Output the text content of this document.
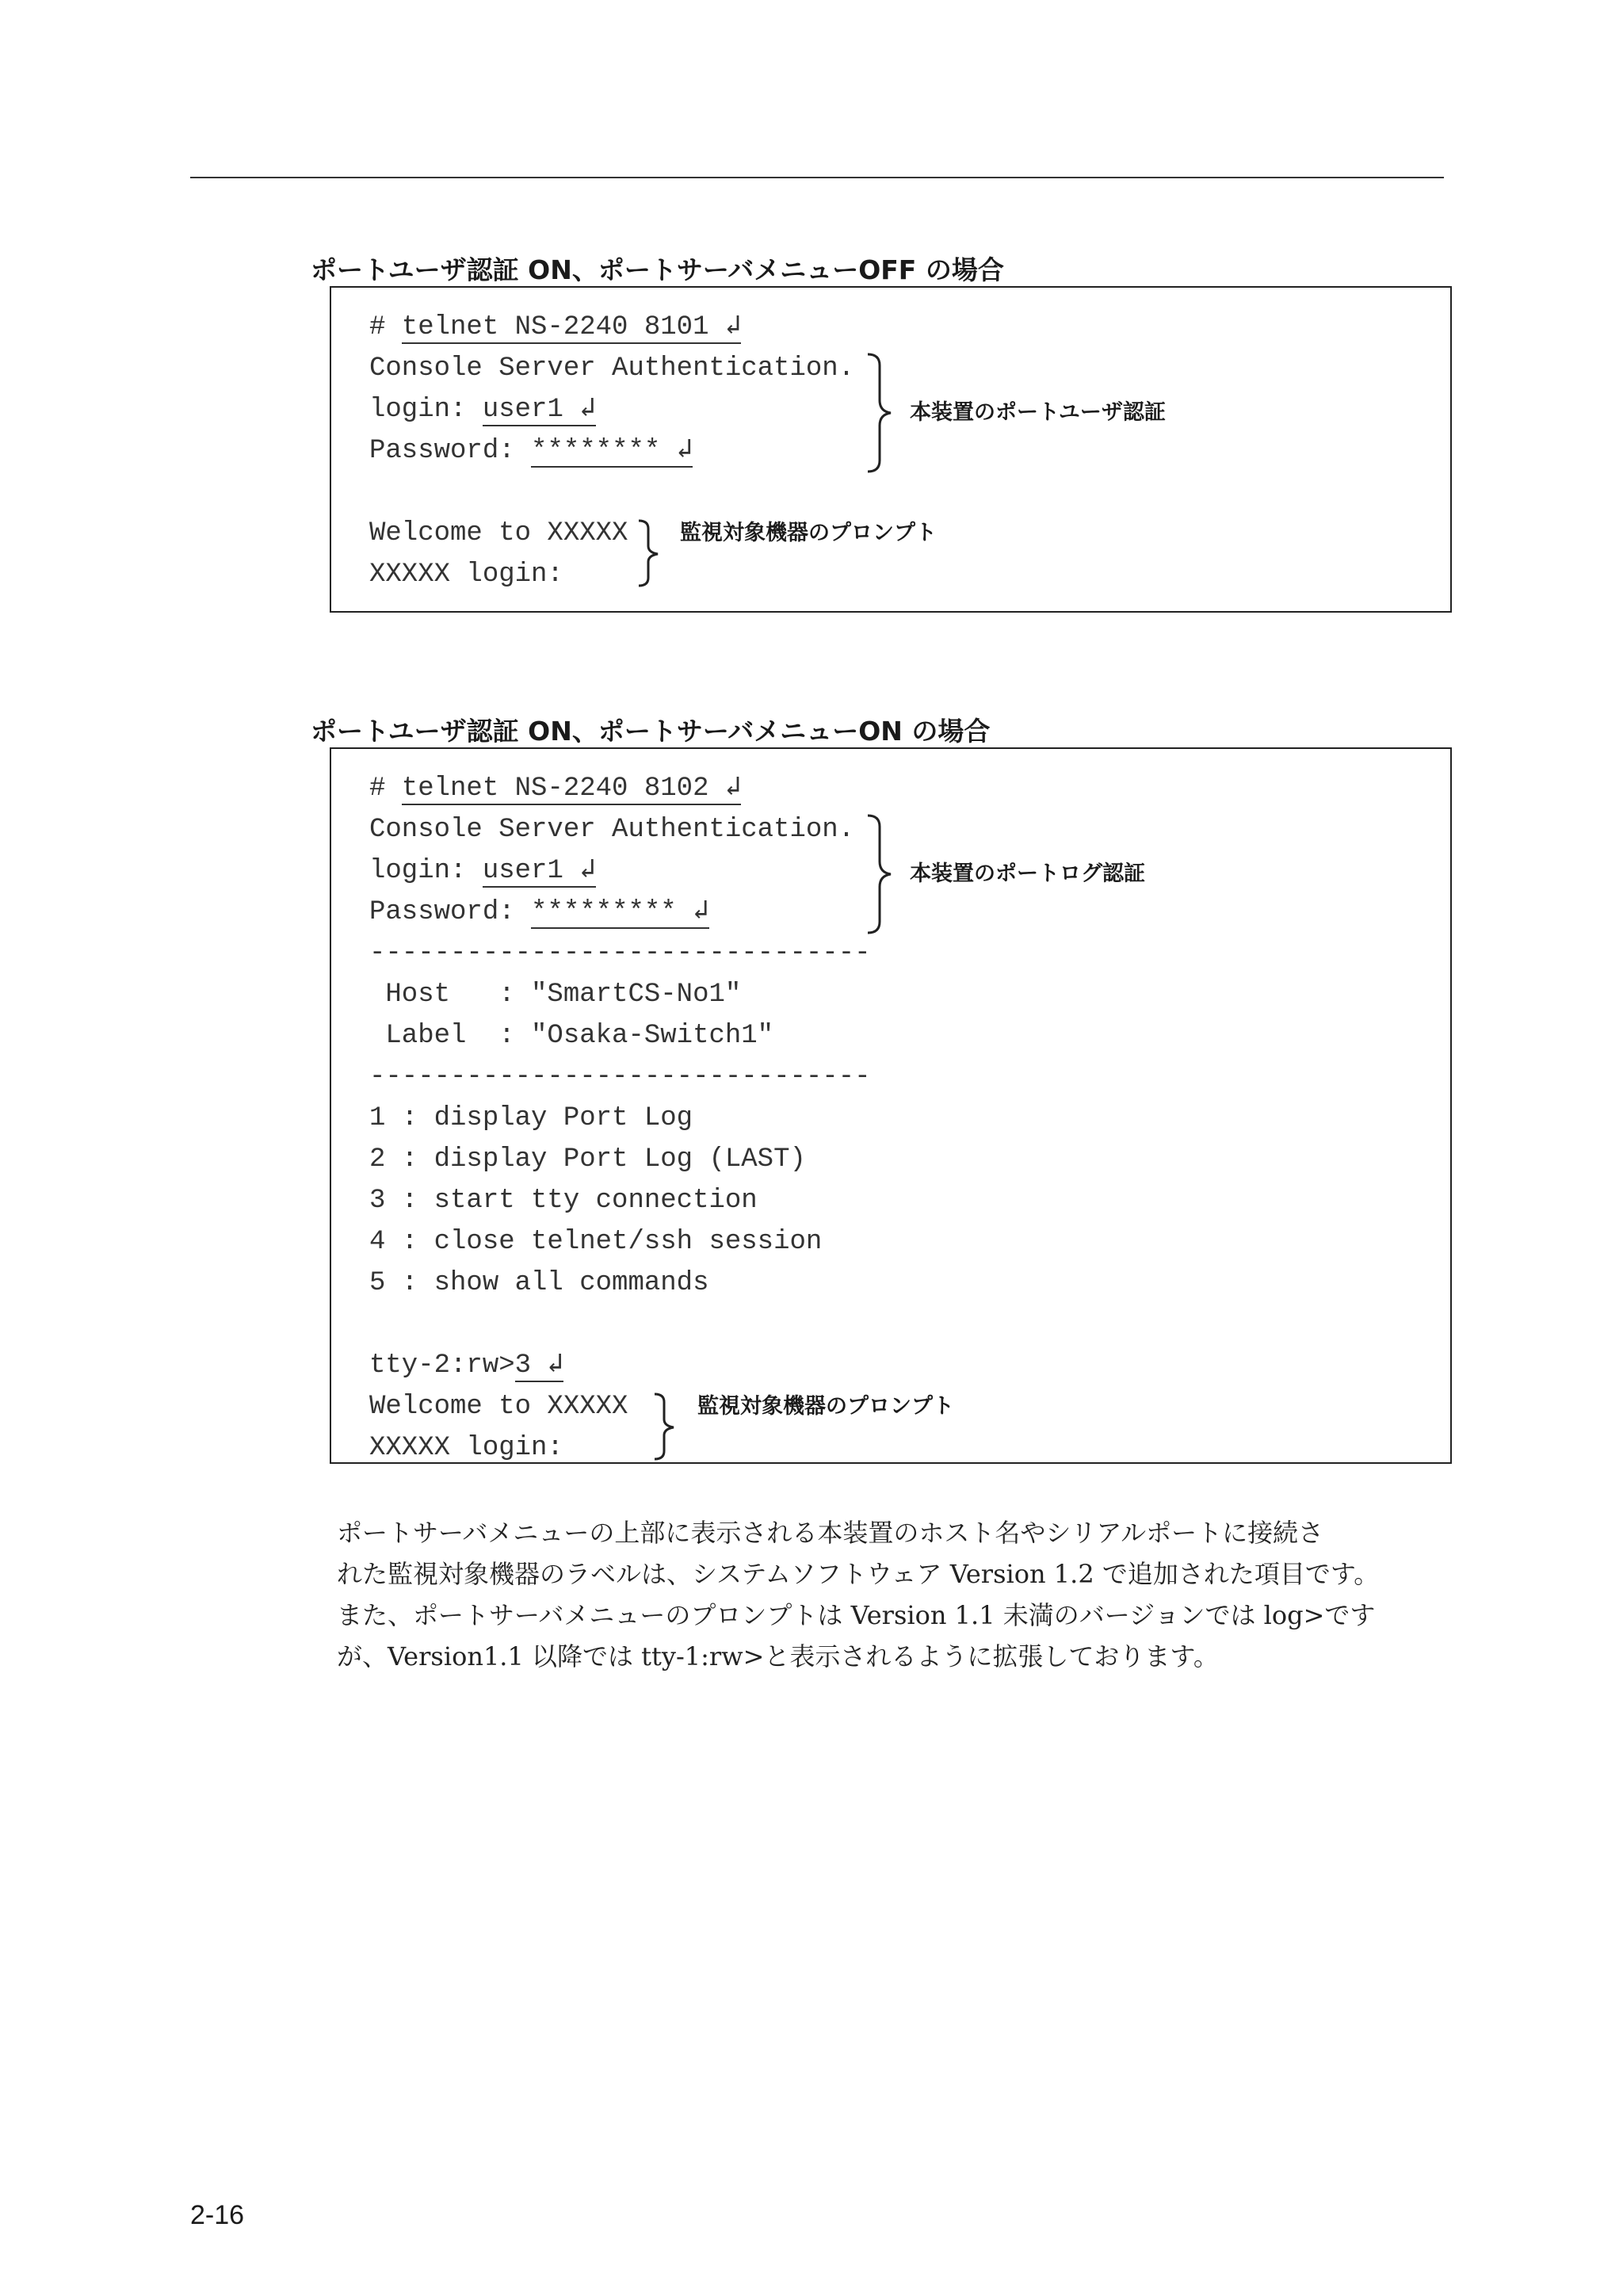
ポートユーザ認証 ON、ポートサーバメニューOFF の場合
# telnet NS-2240 8101 ↲
Console Server Authentication.
login: user1 ↲
Password: ******** ↲
Welcome to XXXXX
XXXXX login:
本装置のポートユーザ認証
監視対象機器のプロンプト
ポートユーザ認証 ON、ポートサーバメニューON の場合
# telnet NS-2240 8102 ↲
Console Server Authentication.
login: user1 ↲
Password: ********* ↲
-------------------------------
Host   : "SmartCS-No1"
Label  : "Osaka-Switch1"
-------------------------------
1 : display Port Log
2 : display Port Log (LAST)
3 : start tty connection
4 : close telnet/ssh session
5 : show all commands
tty-2:rw>3 ↲
Welcome to XXXXX
XXXXX login:
本装置のポートログ認証
監視対象機器のプロンプト
ポートサーバメニューの上部に表示される本装置のホスト名やシリアルポートに接続さ
れた監視対象機器のラベルは、システムソフトウェア Version 1.2 で追加された項目です。
また、ポートサーバメニューのプロンプトは Version 1.1 未満のバージョンでは log>です
が、Version1.1 以降では tty-1:rw>と表示されるように拡張しております。
2-16
